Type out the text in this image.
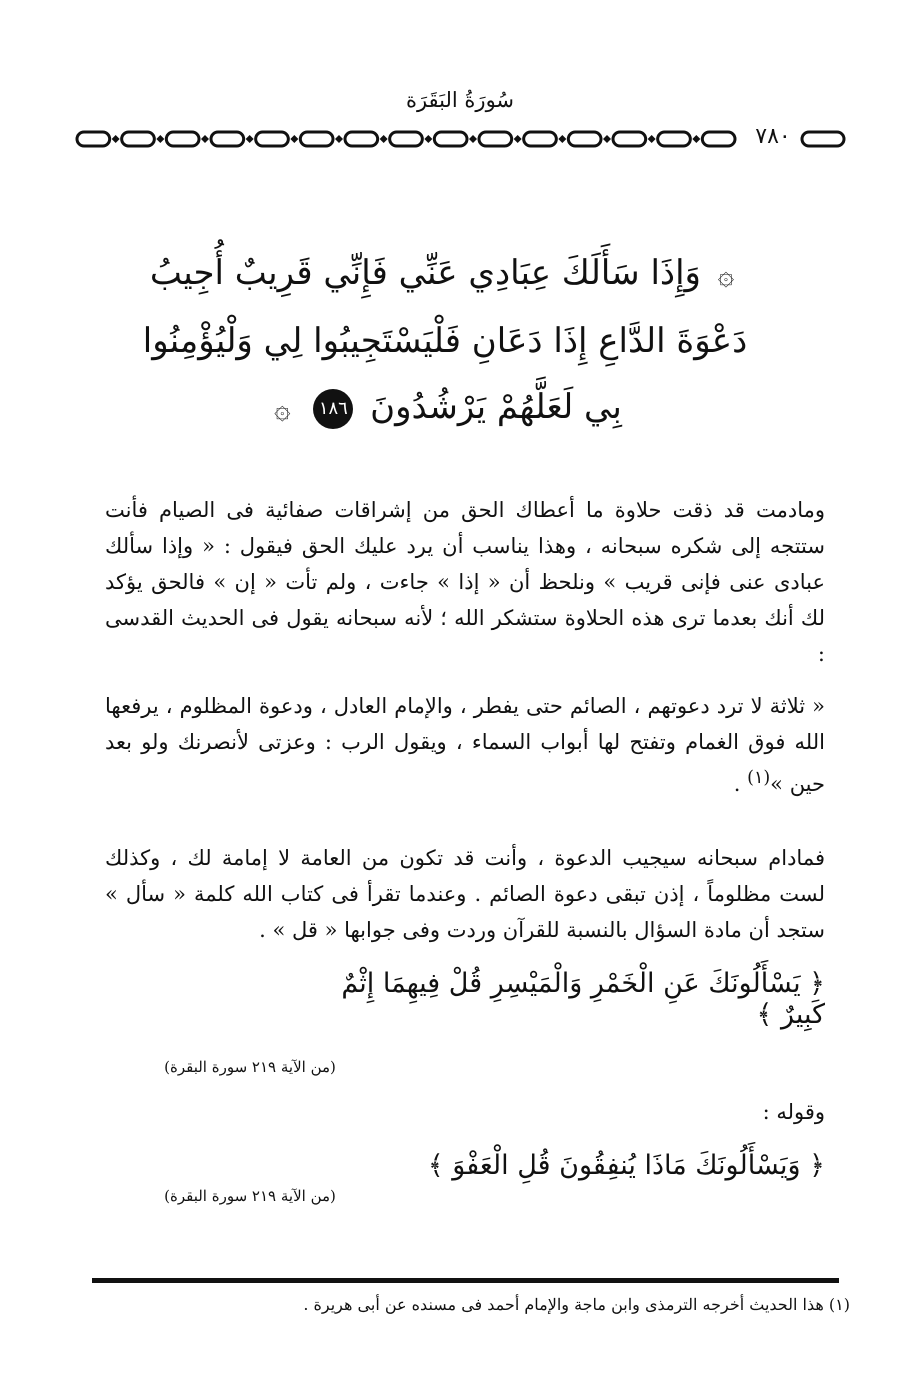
سُورَةُ البَقَرَة
٧٨٠
۞ وَإِذَا سَأَلَكَ عِبَادِي عَنِّي فَإِنِّي قَرِيبٌ أُجِيبُ
دَعْوَةَ الدَّاعِ إِذَا دَعَانِ فَلْيَسْتَجِيبُوا لِي وَلْيُؤْمِنُوا
بِي لَعَلَّهُمْ يَرْشُدُونَ ١٨٦ ۞
ومادمت قد ذقت حلاوة ما أعطاك الحق من إشراقات صفائية فى الصيام فأنت ستتجه إلى شكره سبحانه ، وهذا يناسب أن يرد عليك الحق فيقول : « وإذا سألك عبادى عنى فإنى قريب » ونلحظ أن « إذا » جاءت ، ولم تأت « إن » فالحق يؤكد لك أنك بعدما ترى هذه الحلاوة ستشكر الله ؛ لأنه سبحانه يقول فى الحديث القدسى :
« ثلاثة لا ترد دعوتهم ، الصائم حتى يفطر ، والإمام العادل ، ودعوة المظلوم ، يرفعها الله فوق الغمام وتفتح لها أبواب السماء ، ويقول الرب : وعزتى لأنصرنك ولو بعد حين »$^{(١)}$ .
فمادام سبحانه سيجيب الدعوة ، وأنت قد تكون من العامة لا إمامة لك ، وكذلك لست مظلوماً ، إذن تبقى دعوة الصائم . وعندما تقرأ فى كتاب الله كلمة « سأل » ستجد أن مادة السؤال بالنسبة للقرآن وردت وفى جوابها « قل » .
﴿ يَسْأَلُونَكَ عَنِ الْخَمْرِ وَالْمَيْسِرِ قُلْ فِيهِمَا إِثْمٌ كَبِيرٌ ﴾
(من الآية ٢١٩ سورة البقرة)
وقوله :
﴿ وَيَسْأَلُونَكَ مَاذَا يُنفِقُونَ قُلِ الْعَفْوَ ﴾
(من الآية ٢١٩ سورة البقرة)
(١) هذا الحديث أخرجه الترمذى وابن ماجة والإمام أحمد فى مسنده عن أبى هريرة .
